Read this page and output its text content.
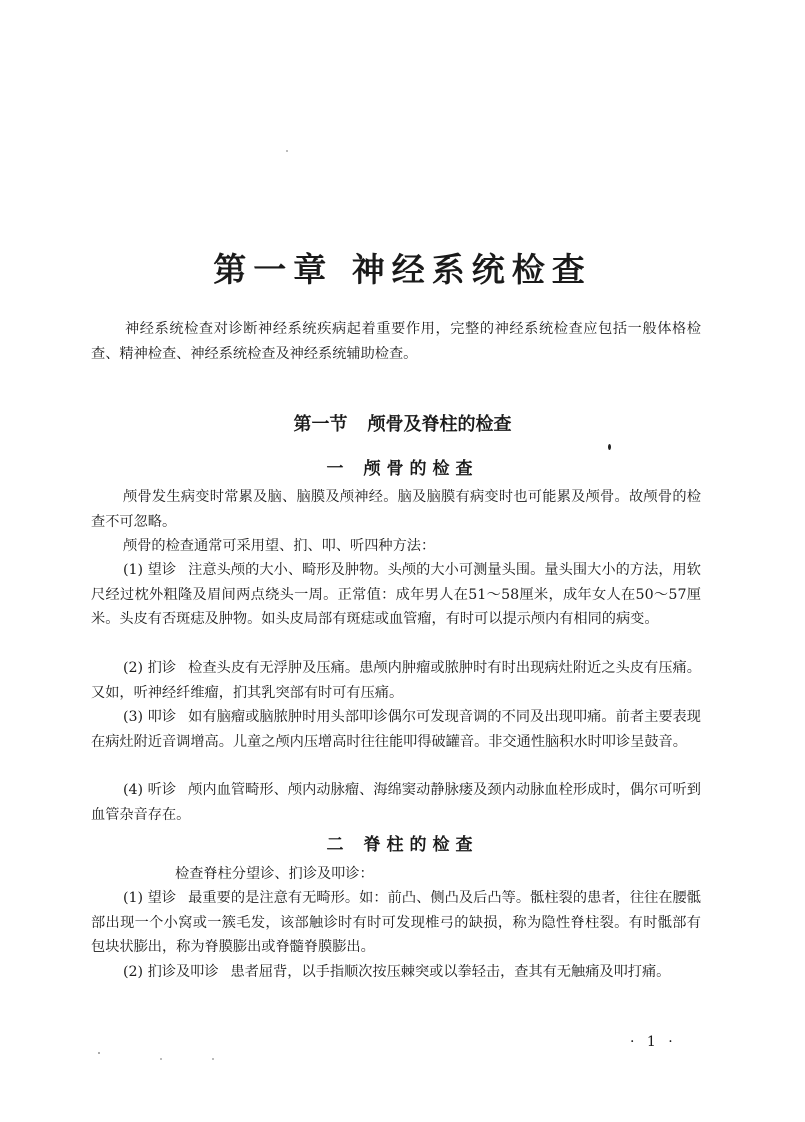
第一章 神经系统检查

神经系统检查对诊断神经系统疾病起着重要作用，完整的神经系统检查应包括一般体格检查、精神检查、神经系统检查及神经系统辅助检查。

第一节 颅骨及脊柱的检查
一 颅骨的检查

颅骨发生病变时常累及脑、脑膜及颅神经。脑及脑膜有病变时也可能累及颅骨。故颅骨的检查不可忽略。

颅骨的检查通常可采用望、扪、叩、听四种方法：

(1) 望诊 注意头颅的大小、畸形及肿物。头颅的大小可测量头围。量头围大小的方法，用软尺经过枕外粗隆及眉间两点绕头一周。正常值：成年男人在51～58厘米，成年女人在50～57厘米。头皮有否斑痣及肿物。如头皮局部有斑痣或血管瘤，有时可以提示颅内有相同的病变。

(2) 扪诊 检查头皮有无浮肿及压痛。患颅内肿瘤或脓肿时有时出现病灶附近之头皮有压痛。又如，听神经纤维瘤，扪其乳突部有时可有压痛。

(3) 叩诊 如有脑瘤或脑脓肿时用头部叩诊偶尔可发现音调的不同及出现叩痛。前者主要表现在病灶附近音调增高。儿童之颅内压增高时往往能叩得破罐音。非交通性脑积水时叩诊呈鼓音。

(4) 听诊 颅内血管畸形、颅内动脉瘤、海绵窦动静脉瘘及颈内动脉血栓形成时，偶尔可听到血管杂音存在。

二 脊柱的检查

检查脊柱分望诊、扪诊及叩诊：

(1) 望诊 最重要的是注意有无畸形。如：前凸、侧凸及后凸等。骶柱裂的患者，往往在腰骶部出现一个小窝或一簇毛发，该部触诊时有时可发现椎弓的缺损，称为隐性脊柱裂。有时骶部有包块状膨出，称为脊膜膨出或脊髓脊膜膨出。

(2) 扪诊及叩诊 患者屈背，以手指顺次按压棘突或以拳轻击，查其有无触痛及叩打痛。

· 1 ·
